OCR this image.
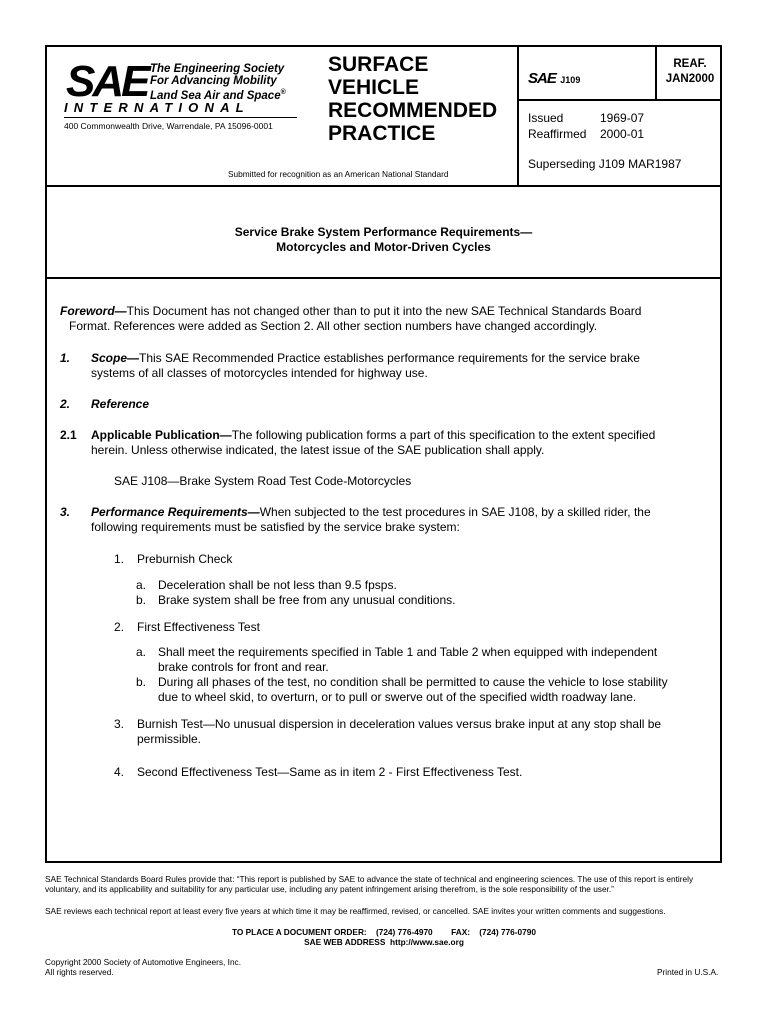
SAE The Engineering Society
For Advancing Mobility
Land Sea Air and Space®
INTERNATIONAL
400 Commonwealth Drive, Warrendale, PA 15096-0001
SURFACE
VEHICLE
RECOMMENDED
PRACTICE
Submitted for recognition as an American National Standard
SAE J109
REAF.
JAN2000
Issued	1969-07
Reaffirmed 2000-01
Superseding J109 MAR1987
Service Brake System Performance Requirements—
Motorcycles and Motor-Driven Cycles

Foreword—This Document has not changed other than to put it into the new SAE Technical Standards Board

Format. References were added as Section 2. All other section numbers have changed accordingly.

1. Scope—This SAE Recommended Practice establishes performance requirements for the service brake

systems of all classes of motorcycles intended for highway use.

2. Reference

2.1 Applicable Publication—The following publication forms a part of this specification to the extent specified

herein. Unless otherwise indicated, the latest issue of the SAE publication shall apply.

SAE J108—Brake System Road Test Code-Motorcycles

3. Performance Requirements—When subjected to the test procedures in SAE J108, by a skilled rider, the

following requirements must be satisfied by the service brake system:

1. Preburnish Check

a. Deceleration shall be not less than 9.5 fpsps.

b. Brake system shall be free from any unusual conditions.

2. First Effectiveness Test

a. Shall meet the requirements specified in Table 1 and Table 2 when equipped with independent

brake controls for front and rear.

b. During all phases of the test, no condition shall be permitted to cause the vehicle to lose stability

due to wheel skid, to overturn, or to pull or swerve out of the specified width roadway lane.

3. Burnish Test—No unusual dispersion in deceleration values versus brake input at any stop shall be

permissible.

4. Second Effectiveness Test—Same as in item 2 - First Effectiveness Test.
SAE Technical Standards Board Rules provide that: “This report is published by SAE to advance the state of technical and engineering sciences. The use of this report is entirely
voluntary, and its applicability and suitability for any particular use, including any patent infringement arising therefrom, is the sole responsibility of the user.”
SAE reviews each technical report at least every five years at which time it may be reaffirmed, revised, or cancelled. SAE invites your written comments and suggestions.
TO PLACE A DOCUMENT ORDER: (724) 776-4970 FAX: (724) 776-0790
SAE WEB ADDRESS http://www.sae.org
Copyright 2000 Society of Automotive Engineers, Inc.
All rights reserved.	Printed in U.S.A.
